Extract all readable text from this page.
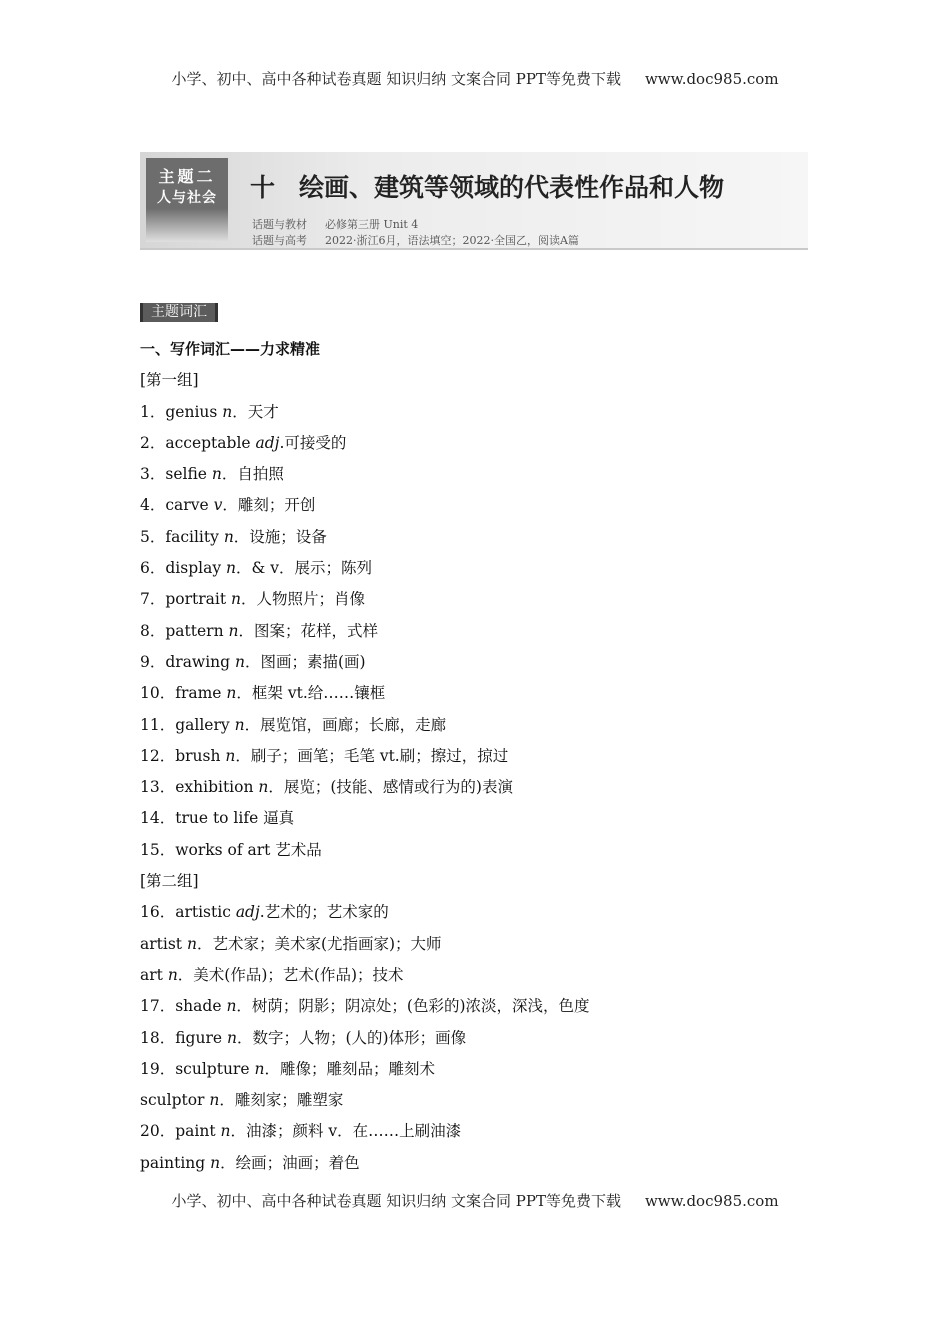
小学、初中、高中各种试卷真题 知识归纳 文案合同 PPT等免费下载 www.doc985.com
主题二
人与社会	十 绘画、建筑等领域的代表性作品和人物
话题与教材 必修第三册 Unit 4
话题与高考 2022·浙江6月，语法填空；2022·全国乙，阅读A篇
主题词汇
一、写作词汇——力求精准
[第一组]
1．genius n．天才
2．acceptable adj.可接受的
3．selfie n．自拍照
4．carve v．雕刻；开创
5．facility n．设施；设备
6．display n．& v．展示；陈列
7．portrait n．人物照片；肖像
8．pattern n．图案；花样，式样
9．drawing n．图画；素描(画)
10．frame n．框架 vt.给……镶框
11．gallery n．展览馆，画廊；长廊，走廊
12．brush n．刷子；画笔；毛笔 vt.刷；擦过，掠过
13．exhibition n．展览；(技能、感情或行为的)表演
14．true to life 逼真
15．works of art 艺术品
[第二组]
16．artistic adj.艺术的；艺术家的
artist n．艺术家；美术家(尤指画家)；大师
art n．美术(作品)；艺术(作品)；技术
17．shade n．树荫；阴影；阴凉处；(色彩的)浓淡，深浅，色度
18．figure n．数字；人物；(人的)体形；画像
19．sculpture n．雕像；雕刻品；雕刻术
sculptor n．雕刻家；雕塑家
20．paint n．油漆；颜料 v．在……上刷油漆
painting n．绘画；油画；着色
小学、初中、高中各种试卷真题 知识归纳 文案合同 PPT等免费下载 www.doc985.com
